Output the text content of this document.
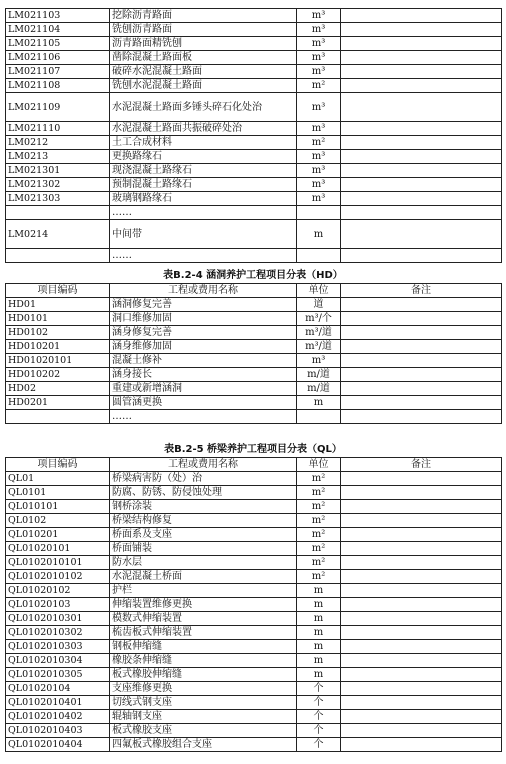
LM021103	挖除沥青路面	m³	
LM021104	铣刨沥青路面	m³	
LM021105	沥青路面精铣刨	m³	
LM021106	凿除混凝土路面板	m³	
LM021107	破碎水泥混凝土路面	m³	
LM021108	铣刨水泥混凝土路面	m²	
LM021109	水泥混凝土路面多锤头碎石化处治	m³	
LM021110	水泥混凝土路面共振破碎处治	m³	
LM0212	土工合成材料	m²	
LM0213	更换路缘石	m³	
LM021301	现浇混凝土路缘石	m³	
LM021302	预制混凝土路缘石	m³	
LM021303	玻璃钢路缘石	m³	
	……		
LM0214	中间带	m	
	……		
表B.2-4 涵洞养护工程项目分表（HD）
项目编码	工程或费用名称	单位	备注
HD01	涵洞修复完善	道	
HD0101	洞口维修加固	m³/个	
HD0102	涵身修复完善	m³/道	
HD010201	涵身维修加固	m³/道	
HD01020101	混凝土修补	m³	
HD010202	涵身接长	m/道	
HD02	重建或新增涵洞	m/道	
HD0201	圆管涵更换	m	
	……		
表B.2-5 桥梁养护工程项目分表（QL）
项目编码	工程或费用名称	单位	备注
QL01	桥梁病害防（处）治	m²	
QL0101	防腐、防锈、防侵蚀处理	m²	
QL010101	钢桥涂装	m²	
QL0102	桥梁结构修复	m²	
QL010201	桥面系及支座	m²	
QL01020101	桥面铺装	m²	
QL0102010101	防水层	m²	
QL0102010102	水泥混凝土桥面	m²	
QL01020102	护栏	m	
QL01020103	伸缩装置维修更换	m	
QL0102010301	模数式伸缩装置	m	
QL0102010302	梳齿板式伸缩装置	m	
QL0102010303	钢板伸缩缝	m	
QL0102010304	橡胶条伸缩缝	m	
QL0102010305	板式橡胶伸缩缝	m	
QL01020104	支座维修更换	个	
QL0102010401	切线式钢支座	个	
QL0102010402	辊轴钢支座	个	
QL0102010403	板式橡胶支座	个	
QL0102010404	四氟板式橡胶组合支座	个	
